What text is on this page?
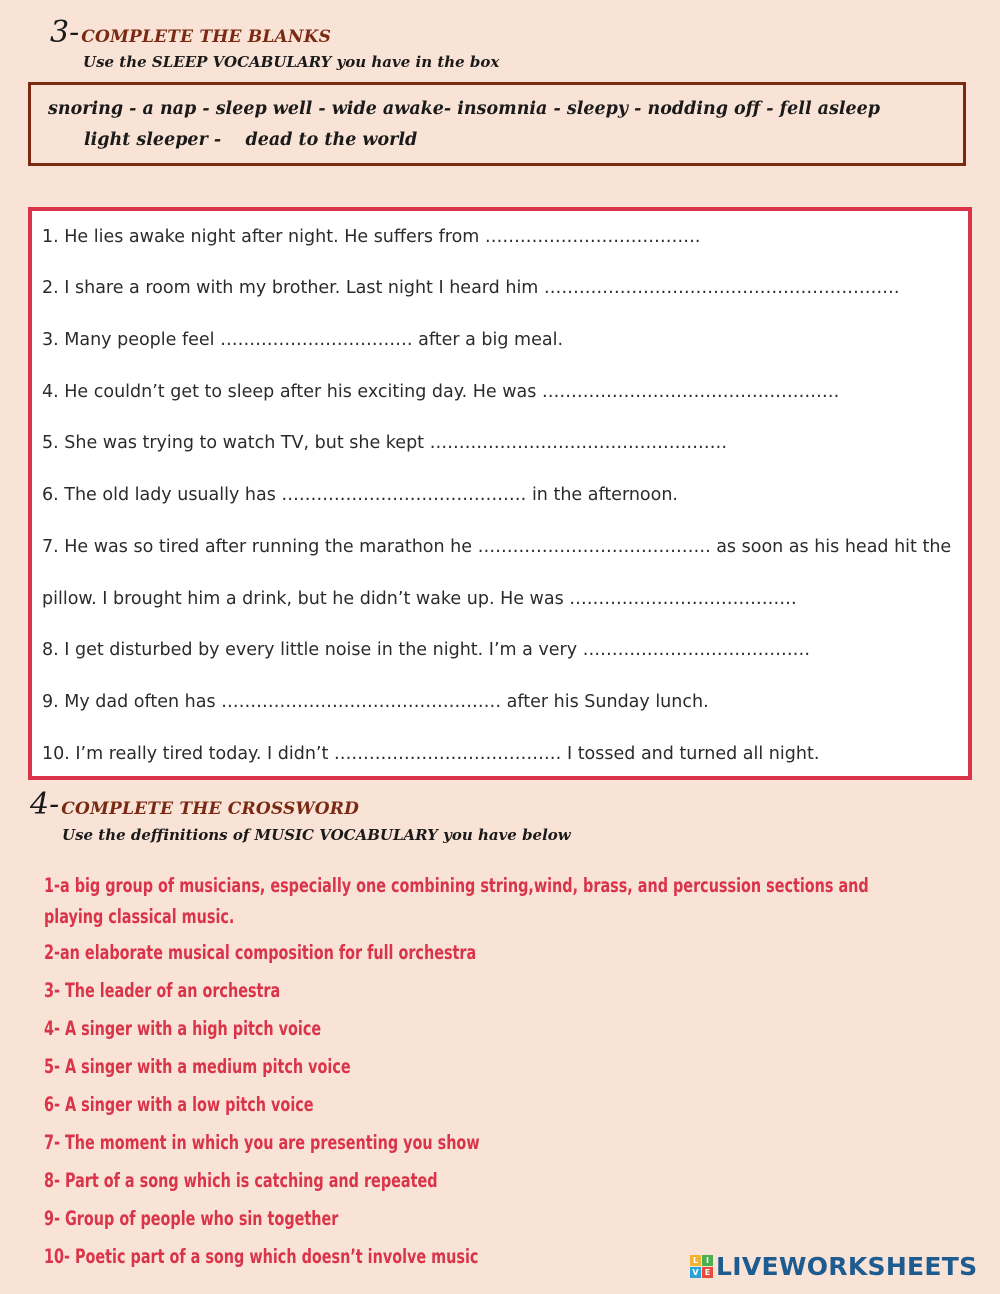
3- COMPLETE THE BLANKS
Use the SLEEP VOCABULARY you have in the box
snoring - a nap - sleep well - wide awake- insomnia - sleepy - nodding off - fell asleep
light sleeper -    dead to the world
1. He lies awake night after night. He suffers from ……………………………….
2. I share a room with my brother. Last night I heard him …………………………………………………….
3. Many people feel …………………………… after a big meal.
4. He couldn’t get to sleep after his exciting day. He was ……………………………………………
5. She was trying to watch TV, but she kept ……………………………………………
6. The old lady usually has …………………………………… in the afternoon.
7. He was so tired after running the marathon he …………………………………. as soon as his head hit the
pillow. I brought him a drink, but he didn’t wake up. He was …………………………………
8. I get disturbed by every little noise in the night. I’m a very …………………………………
9. My dad often has ………………………………………… after his Sunday lunch.
10. I’m really tired today. I didn’t ………………………………… I tossed and turned all night.
4- COMPLETE THE CROSSWORD
Use the deffinitions of MUSIC VOCABULARY you have below
1-a big group of musicians, especially one combining string,wind, brass, and percussion sections and
playing classical music.
2-an elaborate musical composition for full orchestra
3- The leader of an orchestra
4- A singer with a high pitch voice
5- A singer with a medium pitch voice
6- A singer with a low pitch voice
7- The moment in which you are presenting you show
8- Part of a song which is catching and repeated
9- Group of people who sin together
10- Poetic part of a song which doesn’t involve music	L I
V E LIVEWORKSHEETS
